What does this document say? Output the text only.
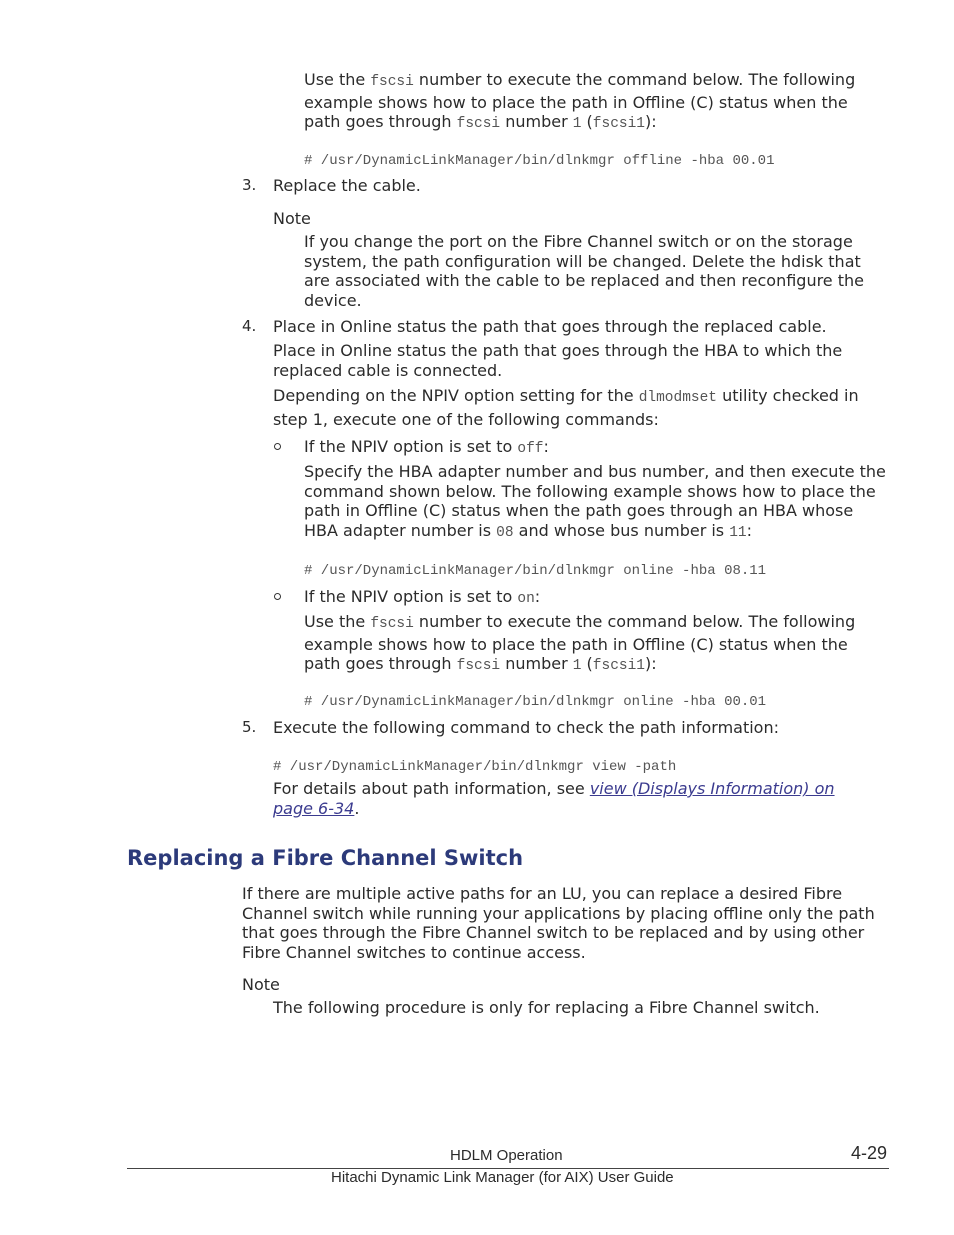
Use the fscsi number to execute the command below. The following example shows how to place the path in Offline (C) status when the path goes through fscsi number 1 (fscsi1):
# /usr/DynamicLinkManager/bin/dlnkmgr offline -hba 00.01
3. Replace the cable.
Note
If you change the port on the Fibre Channel switch or on the storage system, the path configuration will be changed. Delete the hdisk that are associated with the cable to be replaced and then reconfigure the device.
4. Place in Online status the path that goes through the replaced cable.
Place in Online status the path that goes through the HBA to which the replaced cable is connected.
Depending on the NPIV option setting for the dlmodmset utility checked in step 1, execute one of the following commands:
If the NPIV option is set to off:
Specify the HBA adapter number and bus number, and then execute the command shown below. The following example shows how to place the path in Offline (C) status when the path goes through an HBA whose HBA adapter number is 08 and whose bus number is 11:
# /usr/DynamicLinkManager/bin/dlnkmgr online -hba 08.11
If the NPIV option is set to on:
Use the fscsi number to execute the command below. The following example shows how to place the path in Offline (C) status when the path goes through fscsi number 1 (fscsi1):
# /usr/DynamicLinkManager/bin/dlnkmgr online -hba 00.01
5. Execute the following command to check the path information:
# /usr/DynamicLinkManager/bin/dlnkmgr view -path
For details about path information, see view (Displays Information) on
page 6-34.
Replacing a Fibre Channel Switch
If there are multiple active paths for an LU, you can replace a desired Fibre Channel switch while running your applications by placing offline only the path that goes through the Fibre Channel switch to be replaced and by using other Fibre Channel switches to continue access.
Note
The following procedure is only for replacing a Fibre Channel switch.
HDLM Operation	4-29
Hitachi Dynamic Link Manager (for AIX) User Guide
